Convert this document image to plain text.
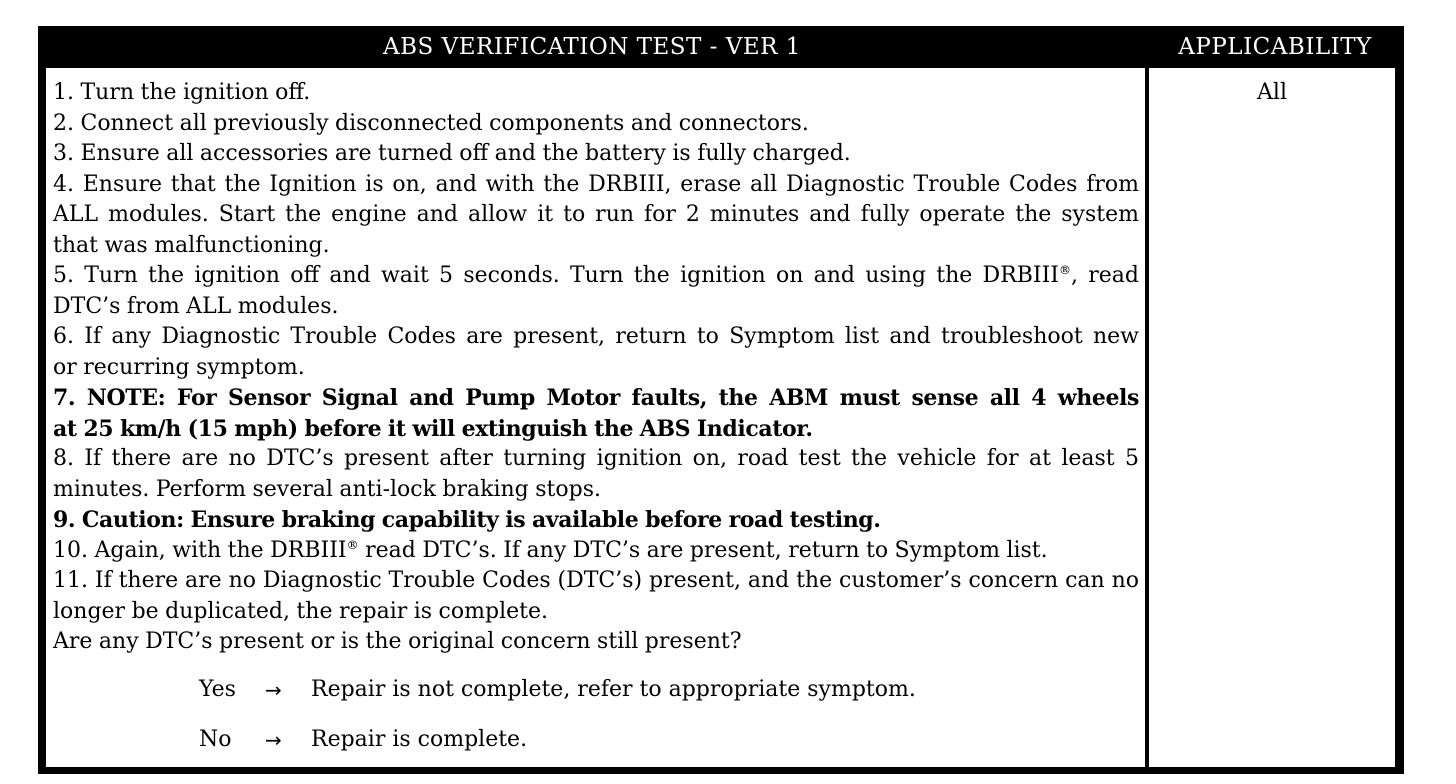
ABS VERIFICATION TEST - VER 1	APPLICABILITY
1. Turn the ignition off.
2. Connect all previously disconnected components and connectors.
3. Ensure all accessories are turned off and the battery is fully charged.
4. Ensure that the Ignition is on, and with the DRBIII, erase all Diagnostic Trouble Codes from
ALL modules. Start the engine and allow it to run for 2 minutes and fully operate the system
that was malfunctioning.
5. Turn the ignition off and wait 5 seconds. Turn the ignition on and using the DRBIII®, read
DTC’s from ALL modules.
6. If any Diagnostic Trouble Codes are present, return to Symptom list and troubleshoot new
or recurring symptom.
7. NOTE: For Sensor Signal and Pump Motor faults, the ABM must sense all 4 wheels
at 25 km/h (15 mph) before it will extinguish the ABS Indicator.
8. If there are no DTC’s present after turning ignition on, road test the vehicle for at least 5
minutes. Perform several anti-lock braking stops.
9. Caution: Ensure braking capability is available before road testing.
10. Again, with the DRBIII® read DTC’s. If any DTC’s are present, return to Symptom list.
11. If there are no Diagnostic Trouble Codes (DTC’s) present, and the customer’s concern can no
longer be duplicated, the repair is complete.
Are any DTC’s present or is the original concern still present?
Yes → Repair is not complete, refer to appropriate symptom.
No → Repair is complete.
All
